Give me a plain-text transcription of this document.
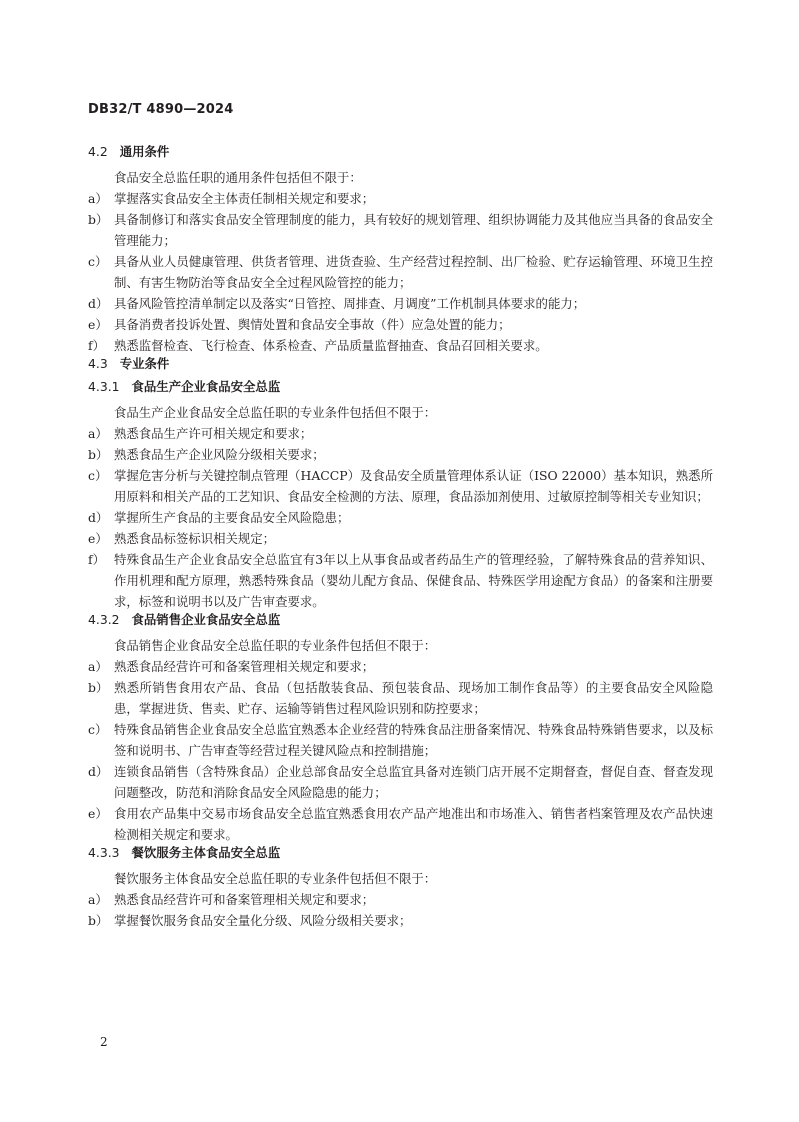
DB32/T 4890—2024
4.2 通用条件
食品安全总监任职的通用条件包括但不限于：
a） 掌握落实食品安全主体责任制相关规定和要求；
b） 具备制修订和落实食品安全管理制度的能力，具有较好的规划管理、组织协调能力及其他应当具备的食品安全管理能力；
c） 具备从业人员健康管理、供货者管理、进货查验、生产经营过程控制、出厂检验、贮存运输管理、环境卫生控制、有害生物防治等食品安全全过程风险管控的能力；
d） 具备风险管控清单制定以及落实“日管控、周排查、月调度”工作机制具体要求的能力；
e） 具备消费者投诉处置、舆情处置和食品安全事故（件）应急处置的能力；
f） 熟悉监督检查、飞行检查、体系检查、产品质量监督抽查、食品召回相关要求。
4.3 专业条件
4.3.1 食品生产企业食品安全总监
食品生产企业食品安全总监任职的专业条件包括但不限于：
a） 熟悉食品生产许可相关规定和要求；
b） 熟悉食品生产企业风险分级相关要求；
c） 掌握危害分析与关键控制点管理（HACCP）及食品安全质量管理体系认证（ISO 22000）基本知识，熟悉所用原料和相关产品的工艺知识、食品安全检测的方法、原理，食品添加剂使用、过敏原控制等相关专业知识；
d） 掌握所生产食品的主要食品安全风险隐患；
e） 熟悉食品标签标识相关规定；
f） 特殊食品生产企业食品安全总监宜有3年以上从事食品或者药品生产的管理经验，了解特殊食品的营养知识、作用机理和配方原理，熟悉特殊食品（婴幼儿配方食品、保健食品、特殊医学用途配方食品）的备案和注册要求，标签和说明书以及广告审查要求。
4.3.2 食品销售企业食品安全总监
食品销售企业食品安全总监任职的专业条件包括但不限于：
a） 熟悉食品经营许可和备案管理相关规定和要求；
b） 熟悉所销售食用农产品、食品（包括散装食品、预包装食品、现场加工制作食品等）的主要食品安全风险隐患，掌握进货、售卖、贮存、运输等销售过程风险识别和防控要求；
c） 特殊食品销售企业食品安全总监宜熟悉本企业经营的特殊食品注册备案情况、特殊食品特殊销售要求，以及标签和说明书、广告审查等经营过程关键风险点和控制措施；
d） 连锁食品销售（含特殊食品）企业总部食品安全总监宜具备对连锁门店开展不定期督查，督促自查、督查发现问题整改，防范和消除食品安全风险隐患的能力；
e） 食用农产品集中交易市场食品安全总监宜熟悉食用农产品产地准出和市场准入、销售者档案管理及农产品快速检测相关规定和要求。
4.3.3 餐饮服务主体食品安全总监
餐饮服务主体食品安全总监任职的专业条件包括但不限于：
a） 熟悉食品经营许可和备案管理相关规定和要求；
b） 掌握餐饮服务食品安全量化分级、风险分级相关要求；
2
